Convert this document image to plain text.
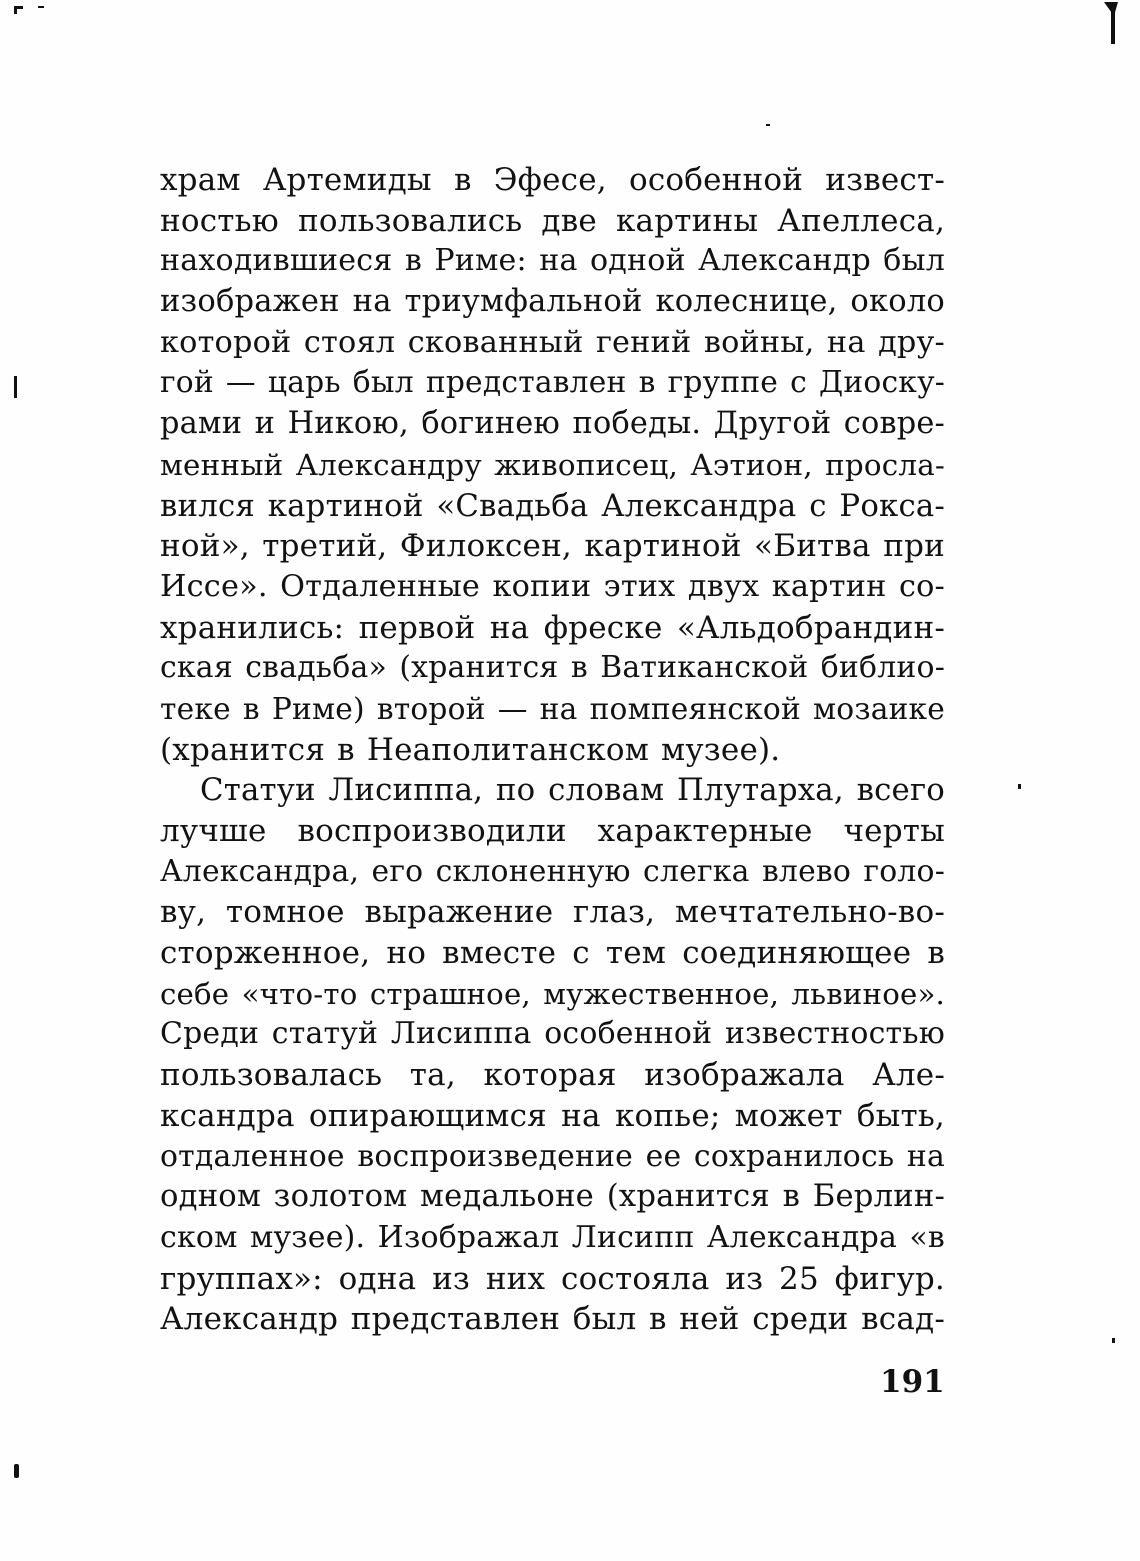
храм Артемиды в Эфесе, особенной извест-
ностью пользовались две картины Апеллеса,
находившиеся в Риме: на одной Александр был
изображен на триумфальной колеснице, около
которой стоял скованный гений войны, на дру-
гой — царь был представлен в группе с Диоску-
рами и Никою, богинею победы. Другой совре-
менный Александру живописец, Аэтион, просла-
вился картиной «Свадьба Александра с Рокса-
ной», третий, Филоксен, картиной «Битва при
Иссе». Отдаленные копии этих двух картин со-
хранились: первой на фреске «Альдобрандин-
ская свадьба» (хранится в Ватиканской библио-
теке в Риме) второй — на помпеянской мозаике
(хранится в Неаполитанском музее).
Статуи Лисиппа, по словам Плутарха, всего
лучше воспроизводили характерные черты
Александра, его склоненную слегка влево голо-
ву, томное выражение глаз, мечтательно-во-
сторженное, но вместе с тем соединяющее в
себе «что-то страшное, мужественное, львиное».
Среди статуй Лисиппа особенной известностью
пользовалась та, которая изображала Але-
ксандра опирающимся на копье; может быть,
отдаленное воспроизведение ее сохранилось на
одном золотом медальоне (хранится в Берлин-
ском музее). Изображал Лисипп Александра «в
группах»: одна из них состояла из 25 фигур.
Александр представлен был в ней среди всад-
191
